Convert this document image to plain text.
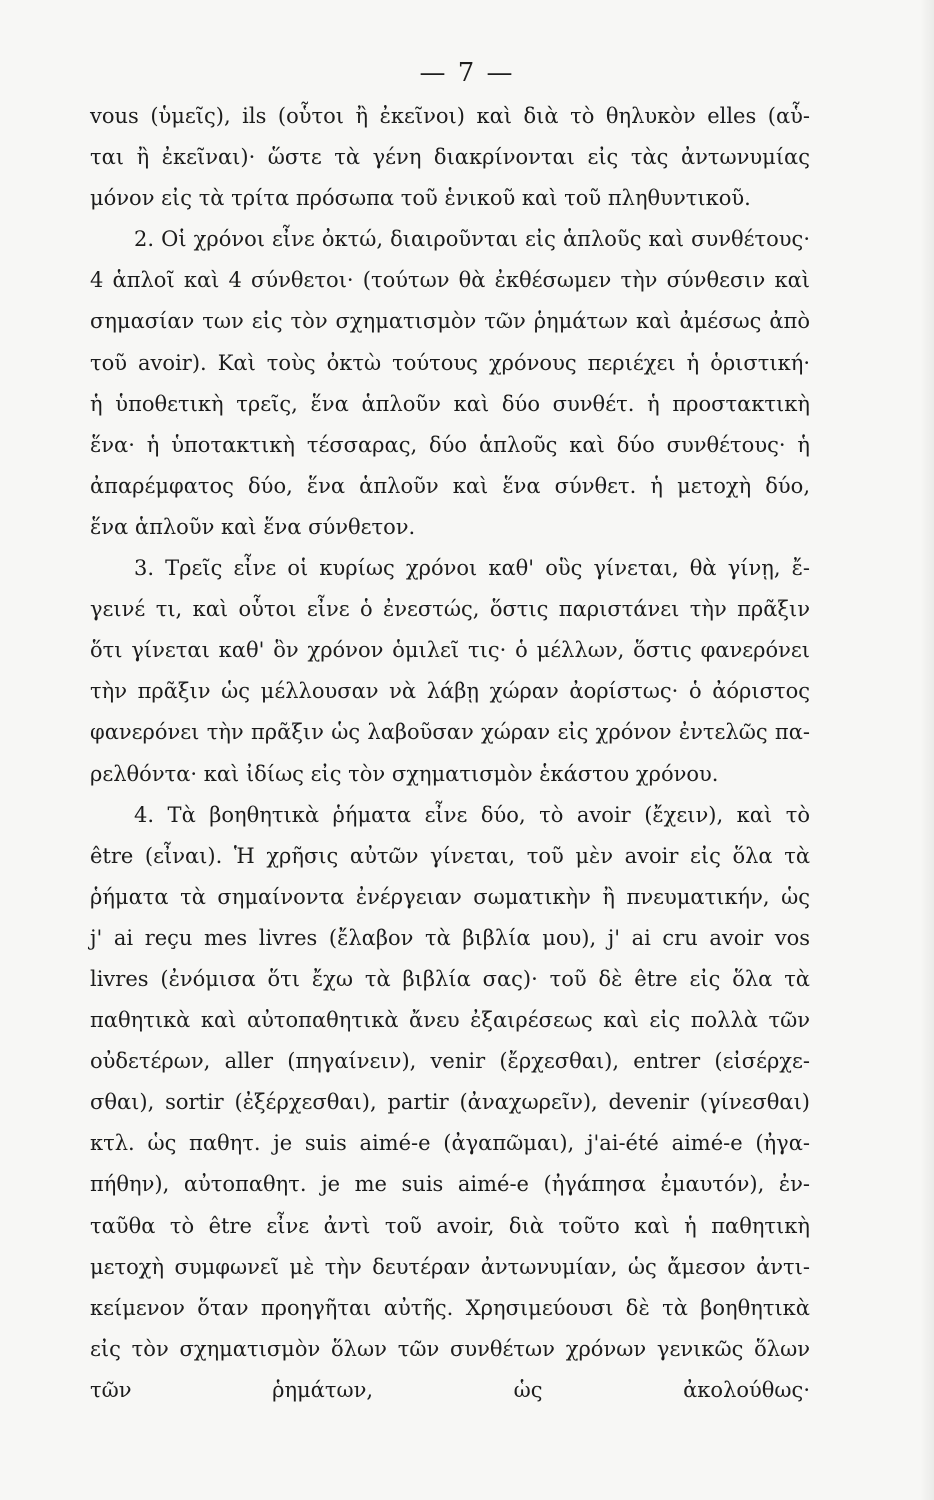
— 7 —
vous (ὑμεῖς), ils (οὗτοι ἢ ἐκεῖνοι) καὶ διὰ τὸ θηλυκὸν elles (αὗ-
ται ἢ ἐκεῖναι)· ὥστε τὰ γένη διακρίνονται εἰς τὰς ἀντωνυμίας
μόνον εἰς τὰ τρίτα πρόσωπα τοῦ ἑνικοῦ καὶ τοῦ πληθυντικοῦ.
2. Οἱ χρόνοι εἶνε ὀκτώ, διαιροῦνται εἰς ἁπλοῦς καὶ συνθέτους·
4 ἁπλοῖ καὶ 4 σύνθετοι· (τούτων θὰ ἐκθέσωμεν τὴν σύνθεσιν καὶ
σημασίαν των εἰς τὸν σχηματισμὸν τῶν ῥημάτων καὶ ἀμέσως ἀπὸ
τοῦ avoir). Καὶ τοὺς ὀκτὼ τούτους χρόνους περιέχει ἡ ὁριστική·
ἡ ὑποθετικὴ τρεῖς, ἕνα ἁπλοῦν καὶ δύο συνθέτ. ἡ προστακτικὴ
ἕνα· ἡ ὑποτακτικὴ τέσσαρας, δύο ἁπλοῦς καὶ δύο συνθέτους· ἡ
ἀπαρέμφατος δύο, ἕνα ἁπλοῦν καὶ ἕνα σύνθετ. ἡ μετοχὴ δύο,
ἕνα ἁπλοῦν καὶ ἕνα σύνθετον.
3. Τρεῖς εἶνε οἱ κυρίως χρόνοι καθ' οὓς γίνεται, θὰ γίνῃ, ἔ-
γεινέ τι, καὶ οὗτοι εἶνε ὁ ἐνεστώς, ὅστις παριστάνει τὴν πρᾶξιν
ὅτι γίνεται καθ' ὃν χρόνον ὁμιλεῖ τις· ὁ μέλλων, ὅστις φανερόνει
τὴν πρᾶξιν ὡς μέλλουσαν νὰ λάβῃ χώραν ἀορίστως· ὁ ἀόριστος
φανερόνει τὴν πρᾶξιν ὡς λαβοῦσαν χώραν εἰς χρόνον ἐντελῶς πα-
ρελθόντα· καὶ ἰδίως εἰς τὸν σχηματισμὸν ἑκάστου χρόνου.
4. Τὰ βοηθητικὰ ῥήματα εἶνε δύο, τὸ avoir (ἔχειν), καὶ τὸ
être (εἶναι). Ἡ χρῆσις αὐτῶν γίνεται, τοῦ μὲν avoir εἰς ὅλα τὰ
ῥήματα τὰ σημαίνοντα ἐνέργειαν σωματικὴν ἢ πνευματικήν, ὡς
j' ai reçu mes livres (ἔλαβον τὰ βιβλία μου), j' ai cru avoir vos
livres (ἐνόμισα ὅτι ἔχω τὰ βιβλία σας)· τοῦ δὲ être εἰς ὅλα τὰ
παθητικὰ καὶ αὐτοπαθητικὰ ἄνευ ἐξαιρέσεως καὶ εἰς πολλὰ τῶν
οὐδετέρων, aller (πηγαίνειν), venir (ἔρχεσθαι), entrer (εἰσέρχε-
σθαι), sortir (ἐξέρχεσθαι), partir (ἀναχωρεῖν), devenir (γίνεσθαι)
κτλ. ὡς παθητ. je suis aimé-e (ἀγαπῶμαι), j'ai-été aimé-e (ἠγα-
πήθην), αὐτοπαθητ. je me suis aimé-e (ἠγάπησα ἐμαυτόν), ἐν-
ταῦθα τὸ être εἶνε ἀντὶ τοῦ avoir, διὰ τοῦτο καὶ ἡ παθητικὴ
μετοχὴ συμφωνεῖ μὲ τὴν δευτέραν ἀντωνυμίαν, ὡς ἄμεσον ἀντι-
κείμενον ὅταν προηγῆται αὐτῆς. Χρησιμεύουσι δὲ τὰ βοηθητικὰ
εἰς τὸν σχηματισμὸν ὅλων τῶν συνθέτων χρόνων γενικῶς ὅλων
τῶν ῥημάτων, ὡς ἀκολούθως·
